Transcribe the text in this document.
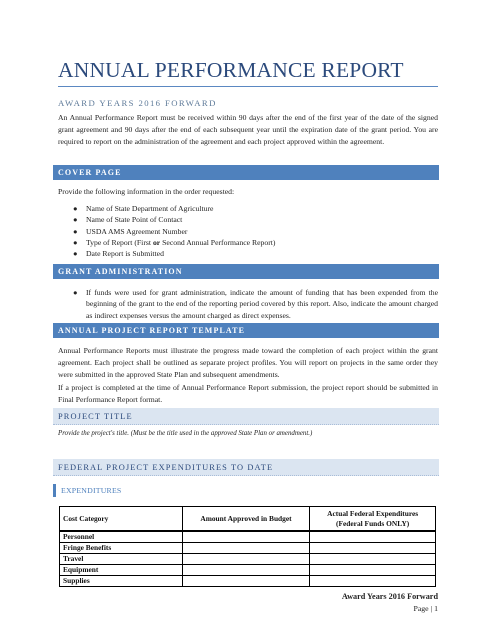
ANNUAL PERFORMANCE REPORT
AWARD YEARS 2016 FORWARD

An Annual Performance Report must be received within 90 days after the end of the first year of the date of the signed grant agreement and 90 days after the end of each subsequent year until the expiration date of the grant period. You are required to report on the administration of the agreement and each project approved within the agreement.

COVER PAGE

Provide the following information in the order requested:

● Name of State Department of Agriculture
● Name of State Point of Contact
● USDA AMS Agreement Number
● Type of Report (First or Second Annual Performance Report)
● Date Report is Submitted
GRANT ADMINISTRATION
● If funds were used for grant administration, indicate the amount of funding that has been expended from the beginning of the grant to the end of the reporting period covered by this report. Also, indicate the amount charged as indirect expenses versus the amount charged as direct expenses.
ANNUAL PROJECT REPORT TEMPLATE

Annual Performance Reports must illustrate the progress made toward the completion of each project within the grant agreement. Each project shall be outlined as separate project profiles. You will report on projects in the same order they were submitted in the approved State Plan and subsequent amendments.

If a project is completed at the time of Annual Performance Report submission, the project report should be submitted in Final Performance Report format.

PROJECT TITLE
Provide the project's title. (Must be the title used in the approved State Plan or amendment.)
FEDERAL PROJECT EXPENDITURES TO DATE
EXPENDITURES
Cost Category	Amount Approved in Budget	Actual Federal Expenditures (Federal Funds ONLY)
Personnel		
Fringe Benefits		
Travel		
Equipment		
Supplies		
Award Years 2016 Forward
Page | 1
